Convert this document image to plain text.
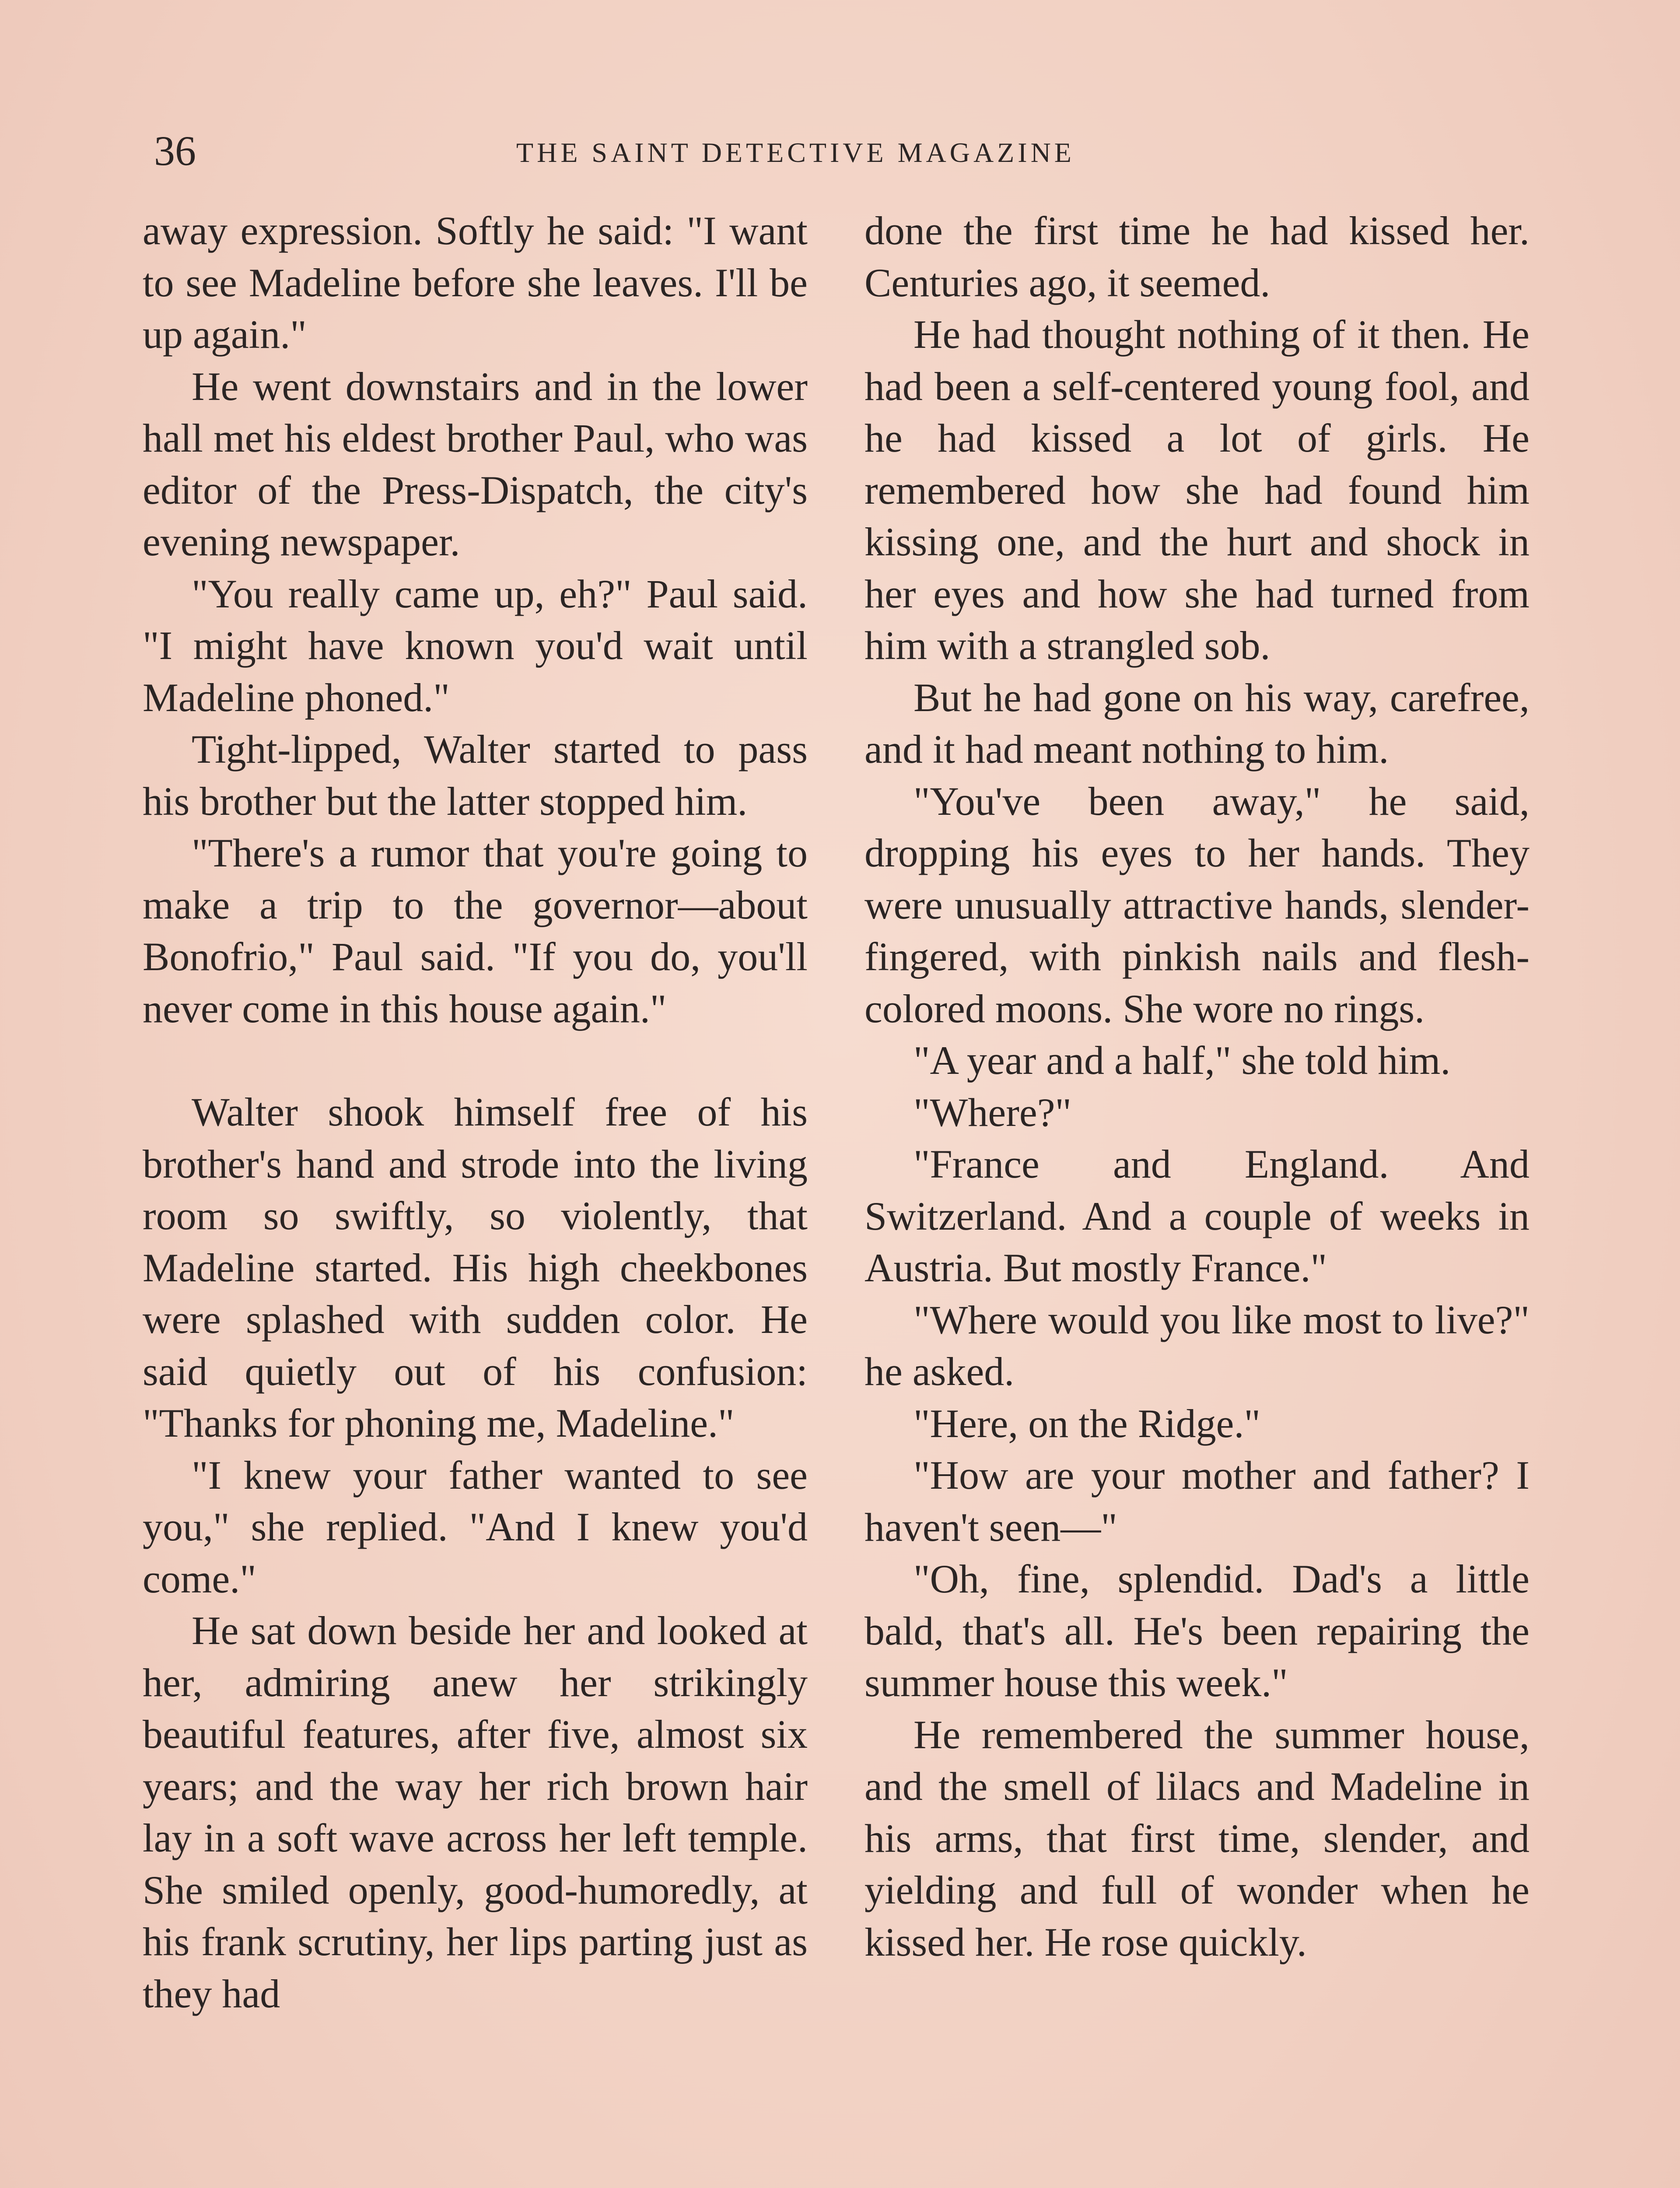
36	THE SAINT DETECTIVE MAGAZINE

away expression. Softly he said: "I want to see Madeline before she leaves. I'll be up again."

He went downstairs and in the lower hall met his eldest brother Paul, who was editor of the Press-Dispatch, the city's evening newspaper.

"You really came up, eh?" Paul said. "I might have known you'd wait until Madeline phoned."

Tight-lipped, Walter started to pass his brother but the latter stopped him.

"There's a rumor that you're going to make a trip to the governor—about Bonofrio," Paul said. "If you do, you'll never come in this house again."

Walter shook himself free of his brother's hand and strode into the living room so swiftly, so violently, that Madeline started. His high cheekbones were splashed with sudden color. He said quietly out of his confusion: "Thanks for phoning me, Madeline."

"I knew your father wanted to see you," she replied. "And I knew you'd come."

He sat down beside her and looked at her, admiring anew her strikingly beautiful features, after five, almost six years; and the way her rich brown hair lay in a soft wave across her left temple. She smiled openly, good-humoredly, at his frank scrutiny, her lips parting just as they had

done the first time he had kissed her. Centuries ago, it seemed.

He had thought nothing of it then. He had been a self-centered young fool, and he had kissed a lot of girls. He remembered how she had found him kissing one, and the hurt and shock in her eyes and how she had turned from him with a strangled sob.

But he had gone on his way, carefree, and it had meant nothing to him.

"You've been away," he said, dropping his eyes to her hands. They were unusually attractive hands, slender-fingered, with pinkish nails and flesh-colored moons. She wore no rings.

"A year and a half," she told him.

"Where?"

"France and England. And Switzerland. And a couple of weeks in Austria. But mostly France."

"Where would you like most to live?" he asked.

"Here, on the Ridge."

"How are your mother and father? I haven't seen—"

"Oh, fine, splendid. Dad's a little bald, that's all. He's been repairing the summer house this week."

He remembered the summer house, and the smell of lilacs and Madeline in his arms, that first time, slender, and yielding and full of wonder when he kissed her. He rose quickly.
